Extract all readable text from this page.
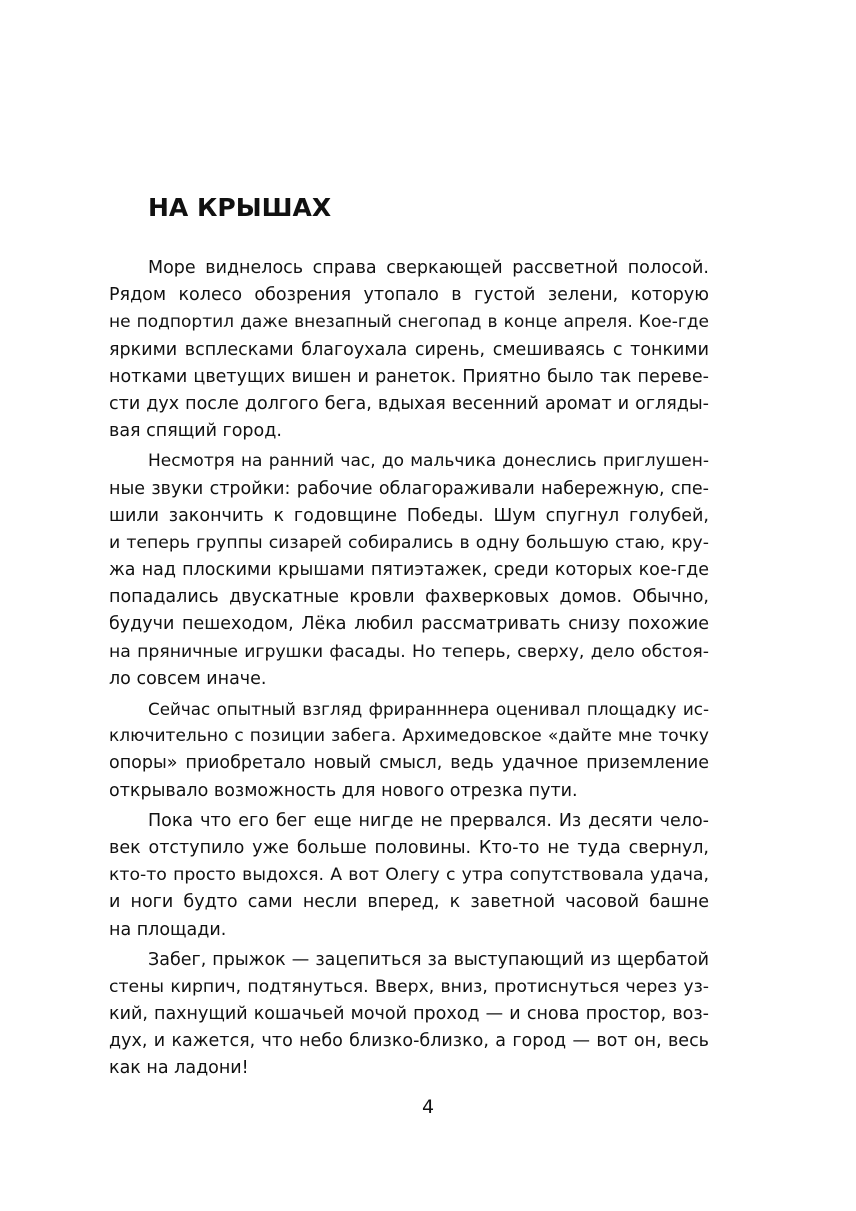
НА КРЫШАХ
Море виднелось справа сверкающей рассветной полосой.
Рядом колесо обозрения утопало в густой зелени, которую
не подпортил даже внезапный снегопад в конце апреля. Кое-где
яркими всплесками благоухала сирень, смешиваясь с тонкими
нотками цветущих вишен и ранеток. Приятно было так переве-
сти дух после долгого бега, вдыхая весенний аромат и огляды-
вая спящий город.
Несмотря на ранний час, до мальчика донеслись приглушен-
ные звуки стройки: рабочие облагораживали набережную, спе-
шили закончить к годовщине Победы. Шум спугнул голубей,
и теперь группы сизарей собирались в одну большую стаю, кру-
жа над плоскими крышами пятиэтажек, среди которых кое-где
попадались двускатные кровли фахверковых домов. Обычно,
будучи пешеходом, Лёка любил рассматривать снизу похожие
на пряничные игрушки фасады. Но теперь, сверху, дело обстоя-
ло совсем иначе.
Сейчас опытный взгляд фриранннера оценивал площадку ис-
ключительно с позиции забега. Архимедовское «дайте мне точку
опоры» приобретало новый смысл, ведь удачное приземление
открывало возможность для нового отрезка пути.
Пока что его бег еще нигде не прервался. Из десяти чело-
век отступило уже больше половины. Кто-то не туда свернул,
кто-то просто выдохся. А вот Олегу с утра сопутствовала удача,
и ноги будто сами несли вперед, к заветной часовой башне
на площади.
Забег, прыжок — зацепиться за выступающий из щербатой
стены кирпич, подтянуться. Вверх, вниз, протиснуться через уз-
кий, пахнущий кошачьей мочой проход — и снова простор, воз-
дух, и кажется, что небо близко-близко, а город — вот он, весь
как на ладони!

4
